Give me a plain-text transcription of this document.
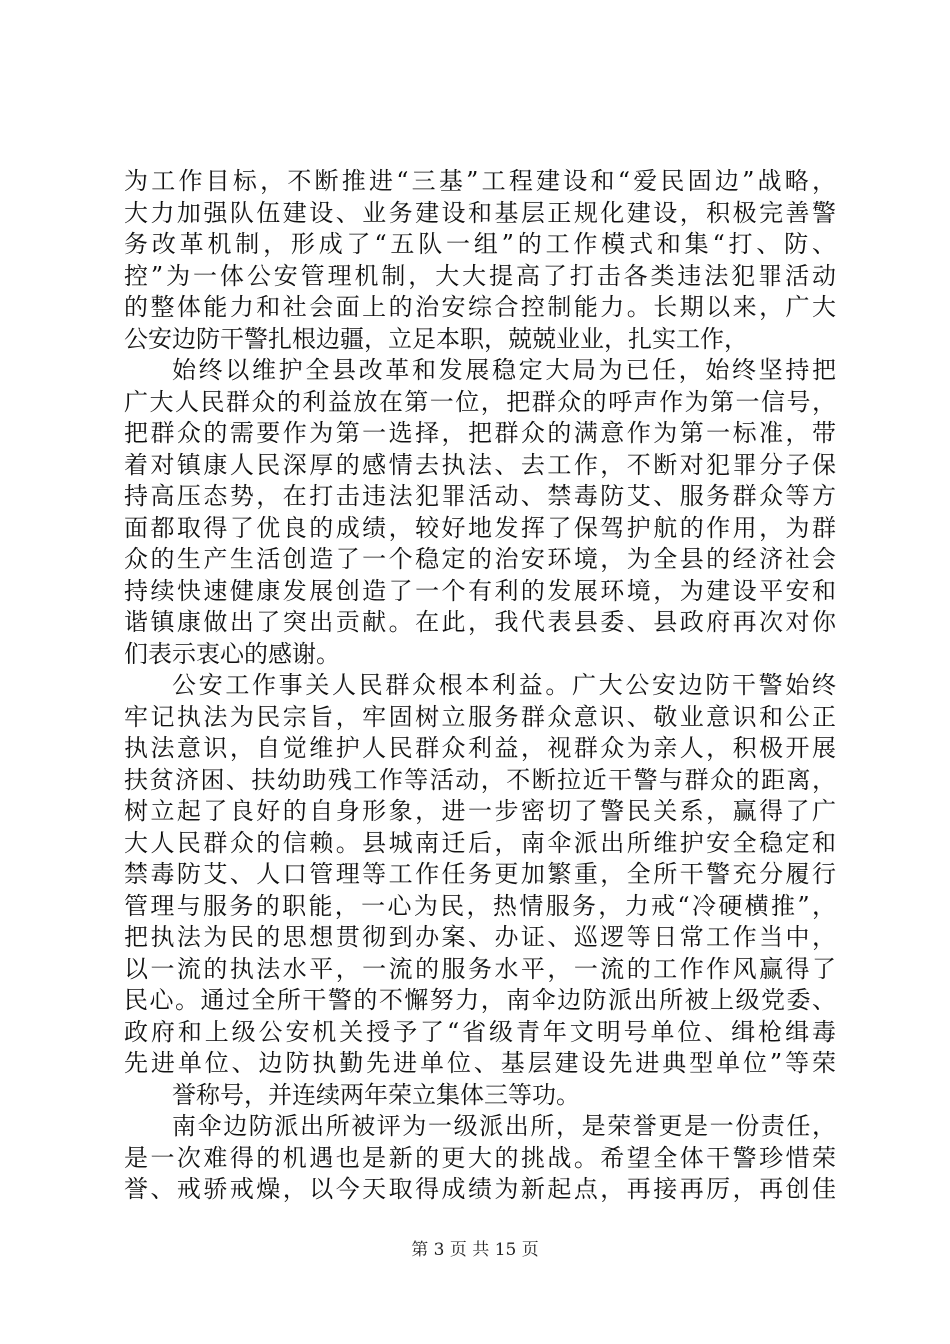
为工作目标，不断推进“三基”工程建设和“爱民固边”战略，
大力加强队伍建设、业务建设和基层正规化建设，积极完善警
务改革机制，形成了“五队一组”的工作模式和集“打、防、
控”为一体公安管理机制，大大提高了打击各类违法犯罪活动
的整体能力和社会面上的治安综合控制能力。长期以来，广大
公安边防干警扎根边疆，立足本职，兢兢业业，扎实工作，
始终以维护全县改革和发展稳定大局为已任，始终坚持把
广大人民群众的利益放在第一位，把群众的呼声作为第一信号，
把群众的需要作为第一选择，把群众的满意作为第一标准，带
着对镇康人民深厚的感情去执法、去工作，不断对犯罪分子保
持高压态势，在打击违法犯罪活动、禁毒防艾、服务群众等方
面都取得了优良的成绩，较好地发挥了保驾护航的作用，为群
众的生产生活创造了一个稳定的治安环境，为全县的经济社会
持续快速健康发展创造了一个有利的发展环境，为建设平安和
谐镇康做出了突出贡献。在此，我代表县委、县政府再次对你
们表示衷心的感谢。
公安工作事关人民群众根本利益。广大公安边防干警始终
牢记执法为民宗旨，牢固树立服务群众意识、敬业意识和公正
执法意识，自觉维护人民群众利益，视群众为亲人，积极开展
扶贫济困、扶幼助残工作等活动，不断拉近干警与群众的距离，
树立起了良好的自身形象，进一步密切了警民关系，赢得了广
大人民群众的信赖。县城南迁后，南伞派出所维护安全稳定和
禁毒防艾、人口管理等工作任务更加繁重，全所干警充分履行
管理与服务的职能，一心为民，热情服务，力戒“冷硬横推”，
把执法为民的思想贯彻到办案、办证、巡逻等日常工作当中，
以一流的执法水平，一流的服务水平，一流的工作作风赢得了
民心。通过全所干警的不懈努力，南伞边防派出所被上级党委、
政府和上级公安机关授予了“省级青年文明号单位、缉枪缉毒
先进单位、边防执勤先进单位、基层建设先进典型单位”等荣
誉称号，并连续两年荣立集体三等功。
南伞边防派出所被评为一级派出所，是荣誉更是一份责任，
是一次难得的机遇也是新的更大的挑战。希望全体干警珍惜荣
誉、戒骄戒燥，以今天取得成绩为新起点，再接再厉，再创佳
第 3 页 共 15 页
